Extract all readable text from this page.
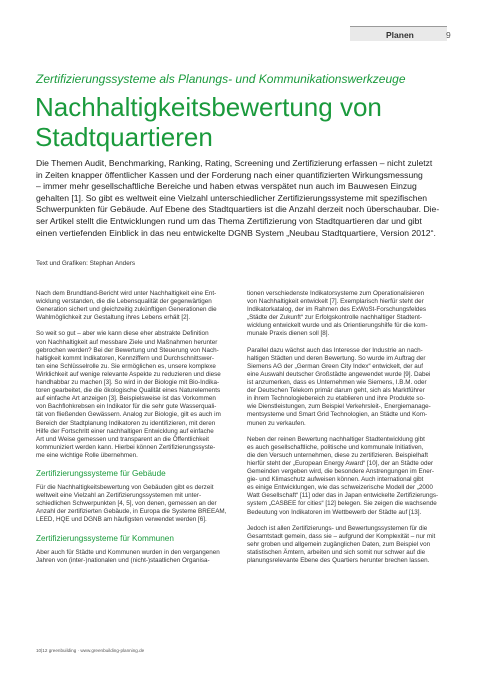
Planen	9
Zertifizierungssysteme als Planungs- und Kommunikationswerkzeuge
Nachhaltigkeitsbewertung von
Stadtquartieren
Die Themen Audit, Benchmarking, Ranking, Rating, Screening und Zertifizierung erfassen – nicht zuletzt
in Zeiten knapper öffentlicher Kassen und der Forderung nach einer quantifizierten Wirkungsmessung
– immer mehr gesellschaftliche Bereiche und haben etwas verspätet nun auch im Bauwesen Einzug
gehalten [1]. So gibt es weltweit eine Vielzahl unterschiedlicher Zertifizierungssysteme mit spezifischen
Schwerpunkten für Gebäude. Auf Ebene des Stadtquartiers ist die Anzahl derzeit noch überschaubar. Die-
ser Artikel stellt die Entwicklungen rund um das Thema Zertifizierung von Stadtquartieren dar und gibt
einen vertiefenden Einblick in das neu entwickelte DGNB System „Neubau Stadtquartiere, Version 2012“.
Text und Grafiken: Stephan Anders
Nach dem Brundtland-Bericht wird unter Nachhaltigkeit eine Ent-
wicklung verstanden, die die Lebensqualität der gegenwärtigen
Generation sichert und gleichzeitig zukünftigen Generationen die
Wahlmöglichkeit zur Gestaltung ihres Lebens erhält [2].
So weit so gut – aber wie kann diese eher abstrakte Definition
von Nachhaltigkeit auf messbare Ziele und Maßnahmen herunter
gebrochen werden? Bei der Bewertung und Steuerung von Nach-
haltigkeit kommt Indikatoren, Kennziffern und Durchschnittswer-
ten eine Schlüsselrolle zu. Sie ermöglichen es, unsere komplexe
Wirklichkeit auf wenige relevante Aspekte zu reduzieren und diese
handhabbar zu machen [3]. So wird in der Biologie mit Bio-Indika-
toren gearbeitet, die die ökologische Qualität eines Naturelements
auf einfache Art anzeigen [3]. Beispielsweise ist das Vorkommen
von Bachflohkrebsen ein Indikator für die sehr gute Wasserquali-
tät von fließenden Gewässern. Analog zur Biologie, gilt es auch im
Bereich der Stadtplanung Indikatoren zu identifizieren, mit deren
Hilfe der Fortschritt einer nachhaltigen Entwicklung auf einfache
Art und Weise gemessen und transparent an die Öffentlichkeit
kommuniziert werden kann. Hierbei können Zertifizierungssyste-
me eine wichtige Rolle übernehmen.
Zertifizierungssysteme für Gebäude
Für die Nachhaltigkeitsbewertung von Gebäuden gibt es derzeit
weltweit eine Vielzahl an Zertifizierungssystemen mit unter-
schiedlichen Schwerpunkten [4, 5], von denen, gemessen an der
Anzahl der zertifizierten Gebäude, in Europa die Systeme BREEAM,
LEED, HQE und DGNB am häufigsten verwendet werden [6].
Zertifizierungssysteme für Kommunen
Aber auch für Städte und Kommunen wurden in den vergangenen
Jahren von (inter-)nationalen und (nicht-)staatlichen Organisa-
tionen verschiedenste Indikatorsysteme zum Operationalisieren
von Nachhaltigkeit entwickelt [7]. Exemplarisch hierfür steht der
Indikatorkatalog, der im Rahmen des ExWoSt-Forschungsfeldes
„Städte der Zukunft“ zur Erfolgskontrolle nachhaltiger Stadtent-
wicklung entwickelt wurde und als Orientierungshilfe für die kom-
munale Praxis dienen soll [8].
Parallel dazu wächst auch das Interesse der Industrie an nach-
haltigen Städten und deren Bewertung. So wurde im Auftrag der
Siemens AG der „German Green City Index“ entwickelt, der auf
eine Auswahl deutscher Großstädte angewendet wurde [9]. Dabei
ist anzumerken, dass es Unternehmen wie Siemens, I.B.M. oder
der Deutschen Telekom primär darum geht, sich als Marktführer
in ihrem Technologiebereich zu etablieren und ihre Produkte so-
wie Dienstleistungen, zum Beispiel Verkehrsleit-, Energiemanage-
mentsysteme und Smart Grid Technologien, an Städte und Kom-
munen zu verkaufen.
Neben der reinen Bewertung nachhaltiger Stadtentwicklung gibt
es auch gesellschaftliche, politische und kommunale Initiativen,
die den Versuch unternehmen, diese zu zertifizieren. Beispielhaft
hierfür steht der „European Energy Award“ [10], der an Städte oder
Gemeinden vergeben wird, die besondere Anstrengungen im Ener-
gie- und Klimaschutz aufweisen können. Auch international gibt
es einige Entwicklungen, wie das schweizerische Modell der „2000
Watt Gesellschaft“ [11] oder das in Japan entwickelte Zertifizierungs-
system „CASBEE for cities“ [12] belegen. Sie zeigen die wachsende
Bedeutung von Indikatoren im Wettbewerb der Städte auf [13].
Jedoch ist allen Zertifizierungs- und Bewertungssystemen für die
Gesamtstadt gemein, dass sie – aufgrund der Komplexität – nur mit
sehr groben und allgemein zugänglichen Daten, zum Beispiel von
statistischen Ämtern, arbeiten und sich somit nur schwer auf die
planungsrelevante Ebene des Quartiers herunter brechen lassen.
10|12 greenbuilding · www.greenbuilding-planning.de
